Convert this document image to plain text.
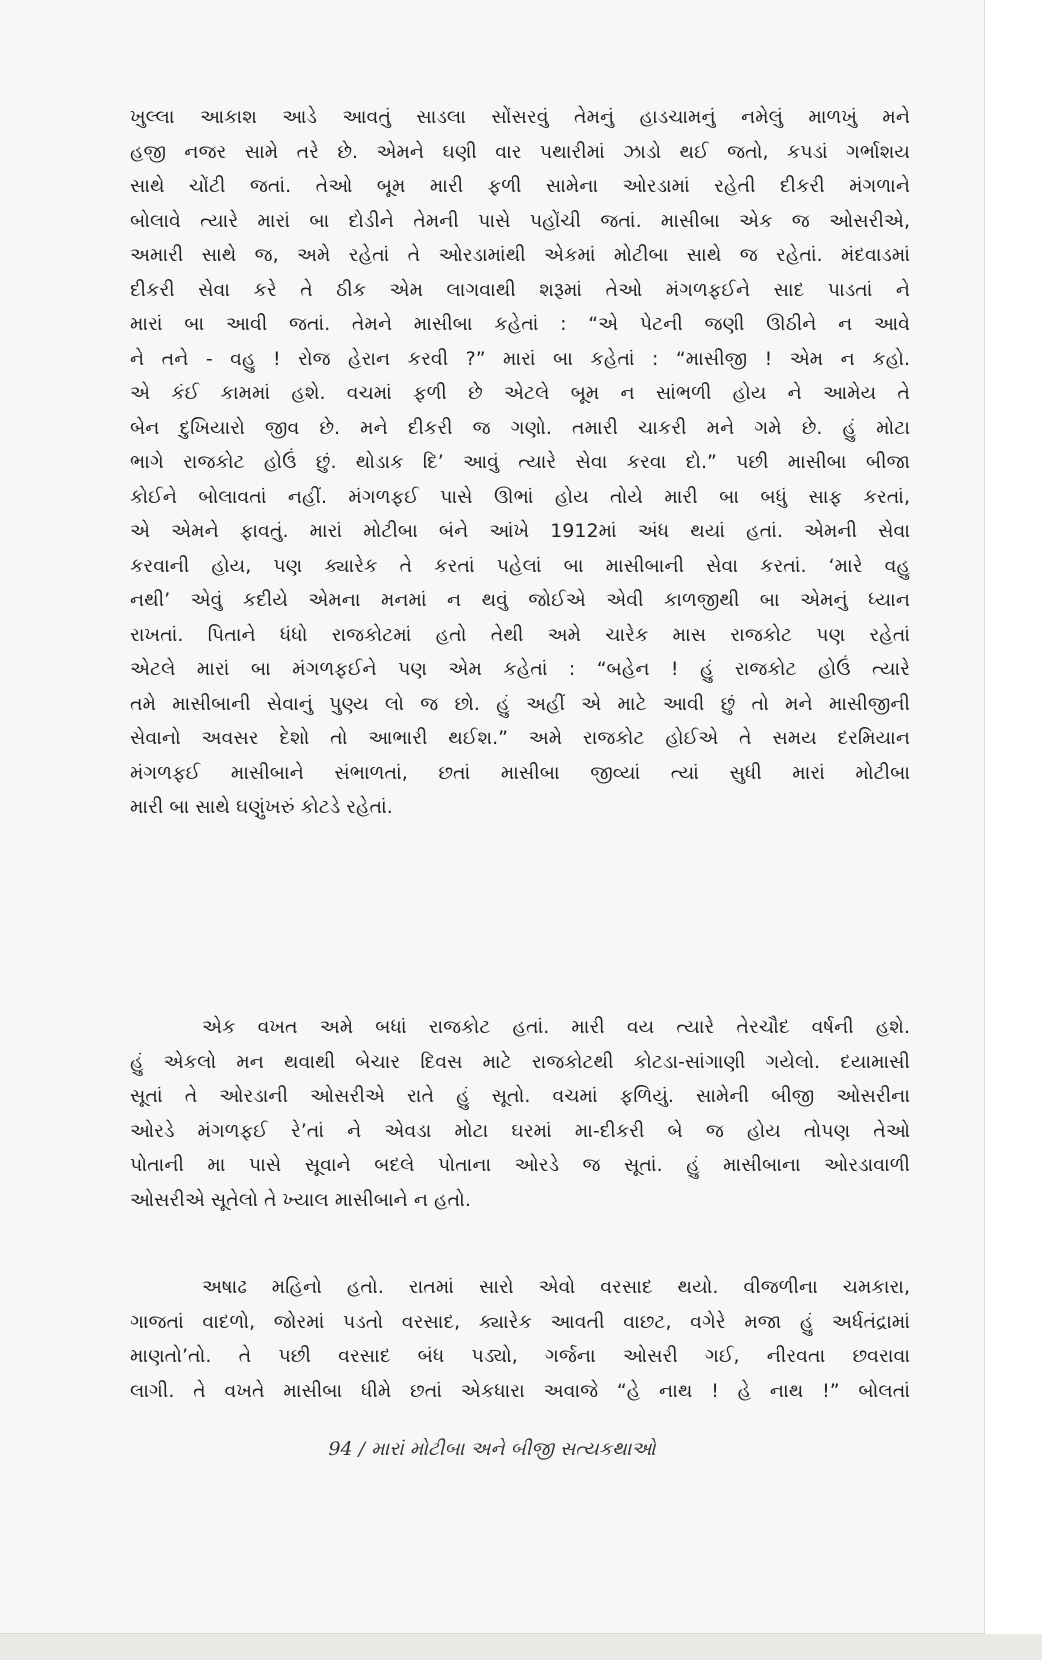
ખુલ્લા આકાશ આડે આવતું સાડલા સોંસરવું તેમનું હાડચામનું નમેલું માળખું મને
હજી નજર સામે તરે છે. એમને ઘણી વાર પથારીમાં ઝાડો થઈ જતો, કપડાં ગર્ભાશય
સાથે ચોંટી જતાં. તેઓ બૂમ મારી ફળી સામેના ઓરડામાં રહેતી દીકરી મંગળાને
બોલાવે ત્યારે મારાં બા દોડીને તેમની પાસે પહોંચી જતાં. માસીબા એક જ ઓસરીએ,
અમારી સાથે જ, અમે રહેતાં તે ઓરડામાંથી એકમાં મોટીબા સાથે જ રહેતાં. મંદવાડમાં
દીકરી સેવા કરે તે ઠીક એમ લાગવાથી શરૂમાં તેઓ મંગળફઈને સાદ પાડતાં ને
મારાં બા આવી જતાં. તેમને માસીબા કહેતાં : “એ પેટની જણી ઊઠીને ન આવે
ને તને - વહુ ! રોજ હેરાન કરવી ?” મારાં બા કહેતાં : “માસીજી ! એમ ન કહો.
એ કંઈ કામમાં હશે. વચમાં ફળી છે એટલે બૂમ ન સાંભળી હોય ને આમેય તે
બેન દુખિયારો જીવ છે. મને દીકરી જ ગણો. તમારી ચાકરી મને ગમે છે. હું મોટા
ભાગે રાજકોટ હોઉં છું. થોડાક દિ’ આવું ત્યારે સેવા કરવા દો.” પછી માસીબા બીજા
કોઈને બોલાવતાં નહીં. મંગળફઈ પાસે ઊભાં હોય તોયે મારી બા બધું સાફ કરતાં,
એ એમને ફાવતું. મારાં મોટીબા બંને આંખે 1912માં અંધ થયાં હતાં. એમની સેવા
કરવાની હોય, પણ ક્યારેક તે કરતાં પહેલાં બા માસીબાની સેવા કરતાં. ‘મારે વહુ
નથી’ એવું કદીયે એમના મનમાં ન થવું જોઈએ એવી કાળજીથી બા એમનું ધ્યાન
રાખતાં. પિતાને ધંધો રાજકોટમાં હતો તેથી અમે ચારેક માસ રાજકોટ પણ રહેતાં
એટલે મારાં બા મંગળફઈને પણ એમ કહેતાં : “બહેન ! હું રાજકોટ હોઉં ત્યારે
તમે માસીબાની સેવાનું પુણ્ય લો જ છો. હું અહીં એ માટે આવી છું તો મને માસીજીની
સેવાનો અવસર દેશો તો આભારી થઈશ.” અમે રાજકોટ હોઈએ તે સમય દરમિયાન
મંગળફઈ માસીબાને સંભાળતાં, છતાં માસીબા જીવ્યાં ત્યાં સુધી મારાં મોટીબા
મારી બા સાથે ઘણુંખરું કોટડે રહેતાં.
એક વખત અમે બધાં રાજકોટ હતાં. મારી વય ત્યારે તેરચૌદ વર્ષની હશે.
હું એકલો મન થવાથી બેચાર દિવસ માટે રાજકોટથી કોટડા-સાંગાણી ગયેલો. દયામાસી
સૂતાં તે ઓરડાની ઓસરીએ રાતે હું સૂતો. વચમાં ફળિયું. સામેની બીજી ઓસરીના
ઓરડે મંગળફઈ રે’તાં ને એવડા મોટા ઘરમાં મા-દીકરી બે જ હોય તોપણ તેઓ
પોતાની મા પાસે સૂવાને બદલે પોતાના ઓરડે જ સૂતાં. હું માસીબાના ઓરડાવાળી
ઓસરીએ સૂતેલો તે ખ્યાલ માસીબાને ન હતો.
અષાઢ મહિનો હતો. રાતમાં સારો એવો વરસાદ થયો. વીજળીના ચમકારા,
ગાજતાં વાદળો, જોરમાં પડતો વરસાદ, ક્યારેક આવતી વાછટ, વગેરે મજા હું અર્ધતંદ્રામાં
માણતો’તો. તે પછી વરસાદ બંધ પડ્યો, ગર્જના ઓસરી ગઈ, નીરવતા છવરાવા
લાગી. તે વખતે માસીબા ધીમે છતાં એકધારા અવાજે “હે નાથ ! હે નાથ !” બોલતાં
94 / મારાં મોટીબા અને બીજી સત્યકથાઓ
